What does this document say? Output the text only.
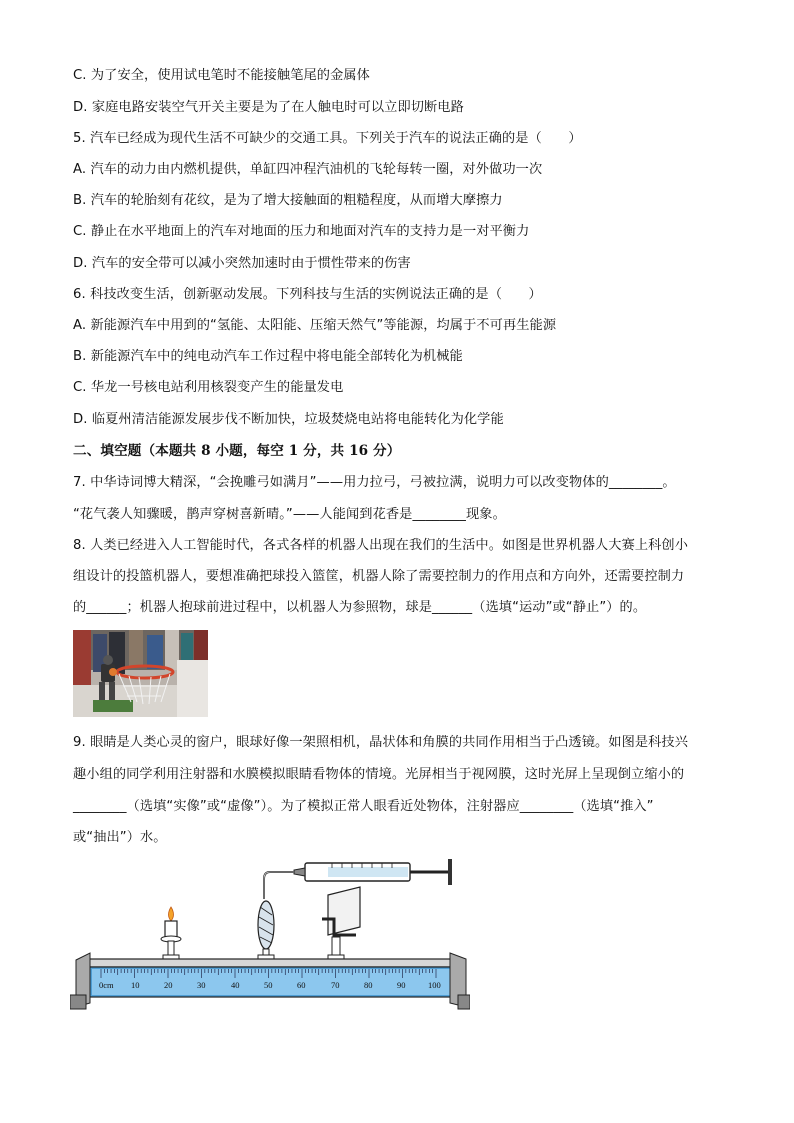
C. 为了安全，使用试电笔时不能接触笔尾的金属体
D. 家庭电路安装空气开关主要是为了在人触电时可以立即切断电路
5. 汽车已经成为现代生活不可缺少的交通工具。下列关于汽车的说法正确的是（　　）
A. 汽车的动力由内燃机提供，单缸四冲程汽油机的飞轮每转一圈，对外做功一次
B. 汽车的轮胎刻有花纹，是为了增大接触面的粗糙程度，从而增大摩擦力
C. 静止在水平地面上的汽车对地面的压力和地面对汽车的支持力是一对平衡力
D. 汽车的安全带可以减小突然加速时由于惯性带来的伤害
6. 科技改变生活，创新驱动发展。下列科技与生活的实例说法正确的是（　　）
A. 新能源汽车中用到的“氢能、太阳能、压缩天然气”等能源，均属于不可再生能源
B. 新能源汽车中的纯电动汽车工作过程中将电能全部转化为机械能
C. 华龙一号核电站利用核裂变产生的能量发电
D. 临夏州清洁能源发展步伐不断加快，垃圾焚烧电站将电能转化为化学能
二、填空题（本题共 8 小题，每空 1 分，共 16 分）
7. 中华诗词博大精深，“会挽雕弓如满月”——用力拉弓，弓被拉满，说明力可以改变物体的________。
“花气袭人知骤暖，鹊声穿树喜新晴。”——人能闻到花香是________现象。
8. 人类已经进入人工智能时代，各式各样的机器人出现在我们的生活中。如图是世界机器人大赛上科创小
组设计的投篮机器人，要想准确把球投入篮筐，机器人除了需要控制力的作用点和方向外，还需要控制力
的______；机器人抱球前进过程中，以机器人为参照物，球是______（选填“运动”或“静止”）的。
9. 眼睛是人类心灵的窗户，眼球好像一架照相机，晶状体和角膜的共同作用相当于凸透镜。如图是科技兴
趣小组的同学利用注射器和水膜模拟眼睛看物体的情境。光屏相当于视网膜，这时光屏上呈现倒立缩小的
________（选填“实像”或“虚像”）。为了模拟正常人眼看近处物体，注射器应________（选填“推入”
或“抽出”）水。
0cm 10	20	30	40	50	60	70	80	90	100
